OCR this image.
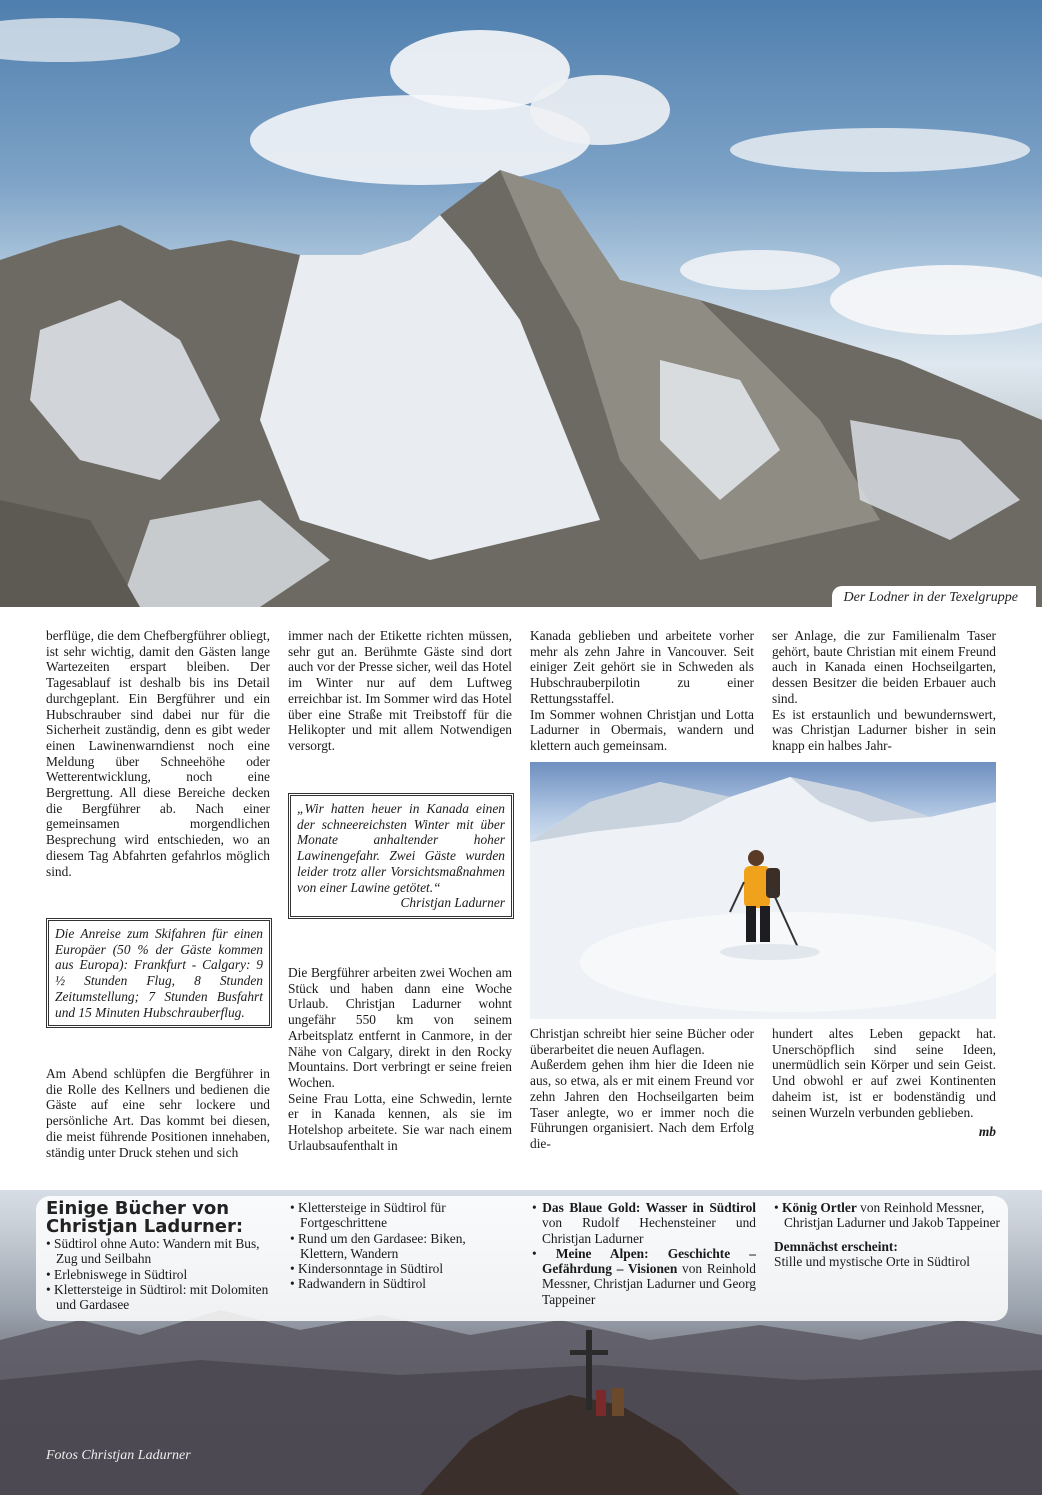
Der Lodner in der Texelgruppe

berflüge, die dem Chefbergführer obliegt, ist sehr wichtig, damit den Gästen lange Wartezeiten erspart bleiben. Der Tagesablauf ist deshalb bis ins Detail durchgeplant. Ein Bergführer und ein Hubschrauber sind dabei nur für die Sicherheit zuständig, denn es gibt weder einen Lawinenwarndienst noch eine Meldung über Schneehöhe oder Wetterentwicklung, noch eine Bergrettung. All diese Bereiche decken die Bergführer ab. Nach einer gemeinsamen morgendlichen Besprechung wird entschieden, wo an diesem Tag Abfahrten gefahrlos möglich sind.

Die Anreise zum Skifahren für einen Europäer (50 % der Gäste kommen aus Europa): Frankfurt - Calgary: 9 ½ Stunden Flug, 8 Stunden Zeitumstellung; 7 Stunden Busfahrt und 15 Minuten Hubschrauberflug.

Am Abend schlüpfen die Bergführer in die Rolle des Kellners und bedienen die Gäste auf eine sehr lockere und persönliche Art. Das kommt bei diesen, die meist führende Positionen innehaben, ständig unter Druck stehen und sich

immer nach der Etikette richten müssen, sehr gut an. Berühmte Gäste sind dort auch vor der Presse sicher, weil das Hotel im Winter nur auf dem Luftweg erreichbar ist. Im Sommer wird das Hotel über eine Straße mit Treibstoff für die Helikopter und mit allem Notwendigen versorgt.

„Wir hatten heuer in Kanada einen der schneereichsten Winter mit über Monate anhaltender hoher Lawinengefahr. Zwei Gäste wurden leider trotz aller Vorsichtsmaßnahmen von einer Lawine getötet.“
Christjan Ladurner

Die Bergführer arbeiten zwei Wochen am Stück und haben dann eine Woche Urlaub. Christjan Ladurner wohnt ungefähr 550 km von seinem Arbeitsplatz entfernt in Canmore, in der Nähe von Calgary, direkt in den Rocky Mountains. Dort verbringt er seine freien Wochen.

Seine Frau Lotta, eine Schwedin, lernte er in Kanada kennen, als sie im Hotelshop arbeitete. Sie war nach einem Urlaubsaufenthalt in

Kanada geblieben und arbeitete vorher mehr als zehn Jahre in Vancouver. Seit einiger Zeit gehört sie in Schweden als Hubschrauberpilotin zu einer Rettungsstaffel.

Im Sommer wohnen Christjan und Lotta Ladurner in Obermais, wandern und klettern auch gemeinsam.

Christjan schreibt hier seine Bücher oder überarbeitet die neuen Auflagen.

Außerdem gehen ihm hier die Ideen nie aus, so etwa, als er mit einem Freund vor zehn Jahren den Hochseilgarten beim Taser anlegte, wo er immer noch die Führungen organisiert. Nach dem Erfolg die-

ser Anlage, die zur Familienalm Taser gehört, baute Christian mit einem Freund auch in Kanada einen Hochseilgarten, dessen Besitzer die beiden Erbauer auch sind.

Es ist erstaunlich und bewundernswert, was Christjan Ladurner bisher in sein knapp ein halbes Jahr-

hundert altes Leben gepackt hat. Unerschöpflich sind seine Ideen, unermüdlich sein Körper und sein Geist. Und obwohl er auf zwei Kontinenten daheim ist, ist er bodenständig und seinen Wurzeln verbunden geblieben.

mb

Einige Bücher von Christjan Ladurner:
• Südtirol ohne Auto: Wandern mit Bus, Zug und Seilbahn
• Erlebniswege in Südtirol
• Klettersteige in Südtirol: mit Dolomiten und Gardasee
• Klettersteige in Südtirol für Fortgeschrittene
• Rund um den Gardasee: Biken, Klettern, Wandern
• Kindersonntage in Südtirol
• Radwandern in Südtirol
• Das Blaue Gold: Wasser in Südtirol von Rudolf Hechensteiner und Christjan Ladurner
• Meine Alpen: Geschichte – Gefährdung – Visionen von Reinhold Messner, Christjan Ladurner und Georg Tappeiner
• König Ortler von Reinhold Messner, Christjan Ladurner und Jakob Tappeiner
Demnächst erscheint:
Stille und mystische Orte in Südtirol
Fotos Christjan Ladurner
